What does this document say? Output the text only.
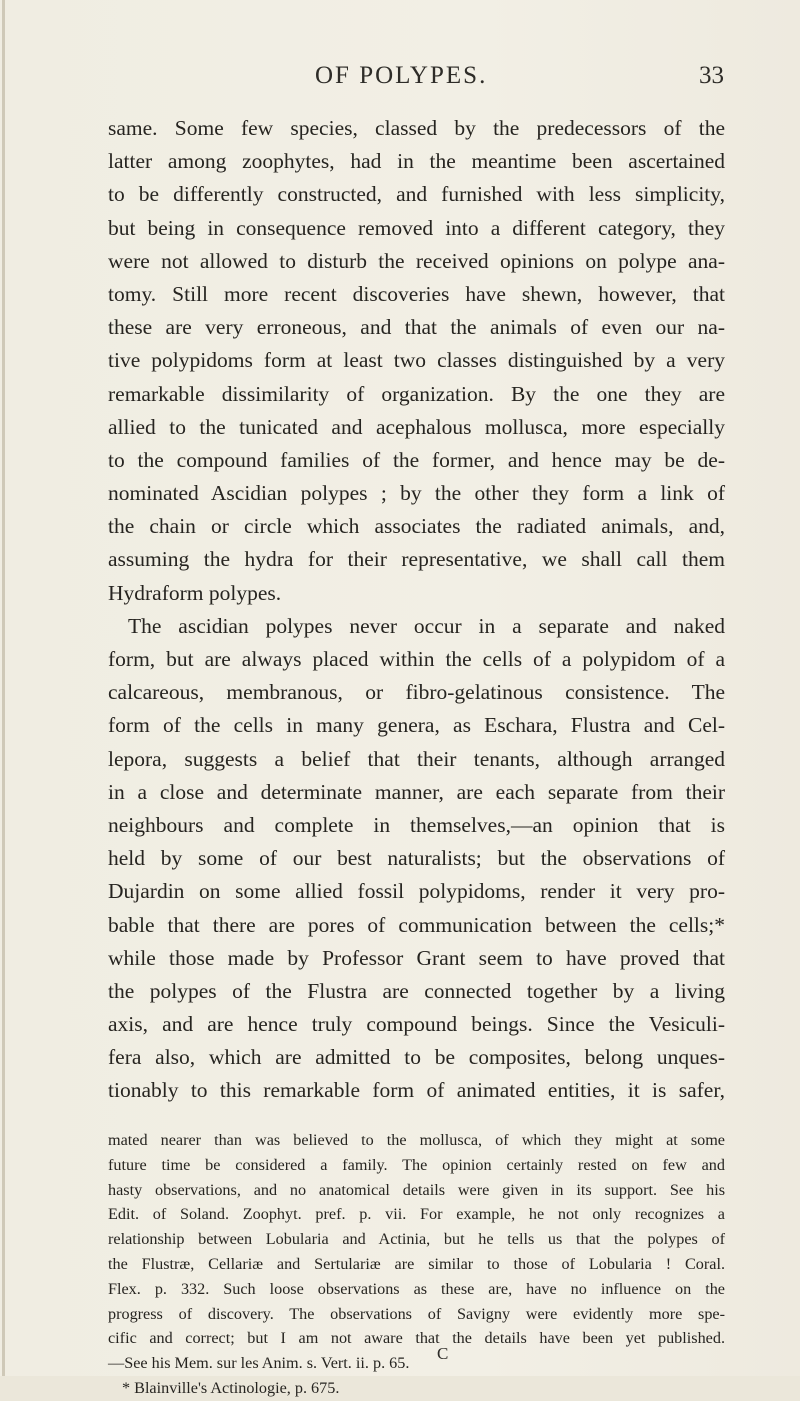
OF POLYPES.	33
same. Some few species, classed by the predecessors of the
latter among zoophytes, had in the meantime been ascertained
to be differently constructed, and furnished with less simplicity,
but being in consequence removed into a different category, they
were not allowed to disturb the received opinions on polype ana-
tomy. Still more recent discoveries have shewn, however, that
these are very erroneous, and that the animals of even our na-
tive polypidoms form at least two classes distinguished by a very
remarkable dissimilarity of organization. By the one they are
allied to the tunicated and acephalous mollusca, more especially
to the compound families of the former, and hence may be de-
nominated Ascidian polypes ; by the other they form a link of
the chain or circle which associates the radiated animals, and,
assuming the hydra for their representative, we shall call them
Hydraform polypes.
The ascidian polypes never occur in a separate and naked
form, but are always placed within the cells of a polypidom of a
calcareous, membranous, or fibro-gelatinous consistence. The
form of the cells in many genera, as Eschara, Flustra and Cel-
lepora, suggests a belief that their tenants, although arranged
in a close and determinate manner, are each separate from their
neighbours and complete in themselves,—an opinion that is
held by some of our best naturalists; but the observations of
Dujardin on some allied fossil polypidoms, render it very pro-
bable that there are pores of communication between the cells;*
while those made by Professor Grant seem to have proved that
the polypes of the Flustra are connected together by a living
axis, and are hence truly compound beings. Since the Vesiculi-
fera also, which are admitted to be composites, belong unques-
tionably to this remarkable form of animated entities, it is safer,
mated nearer than was believed to the mollusca, of which they might at some
future time be considered a family. The opinion certainly rested on few and
hasty observations, and no anatomical details were given in its support. See his
Edit. of Soland. Zoophyt. pref. p. vii. For example, he not only recognizes a
relationship between Lobularia and Actinia, but he tells us that the polypes of
the Flustræ, Cellariæ and Sertulariæ are similar to those of Lobularia ! Coral.
Flex. p. 332. Such loose observations as these are, have no influence on the
progress of discovery. The observations of Savigny were evidently more spe-
cific and correct; but I am not aware that the details have been yet published.
—See his Mem. sur les Anim. s. Vert. ii. p. 65.
* Blainville's Actinologie, p. 675.
C
